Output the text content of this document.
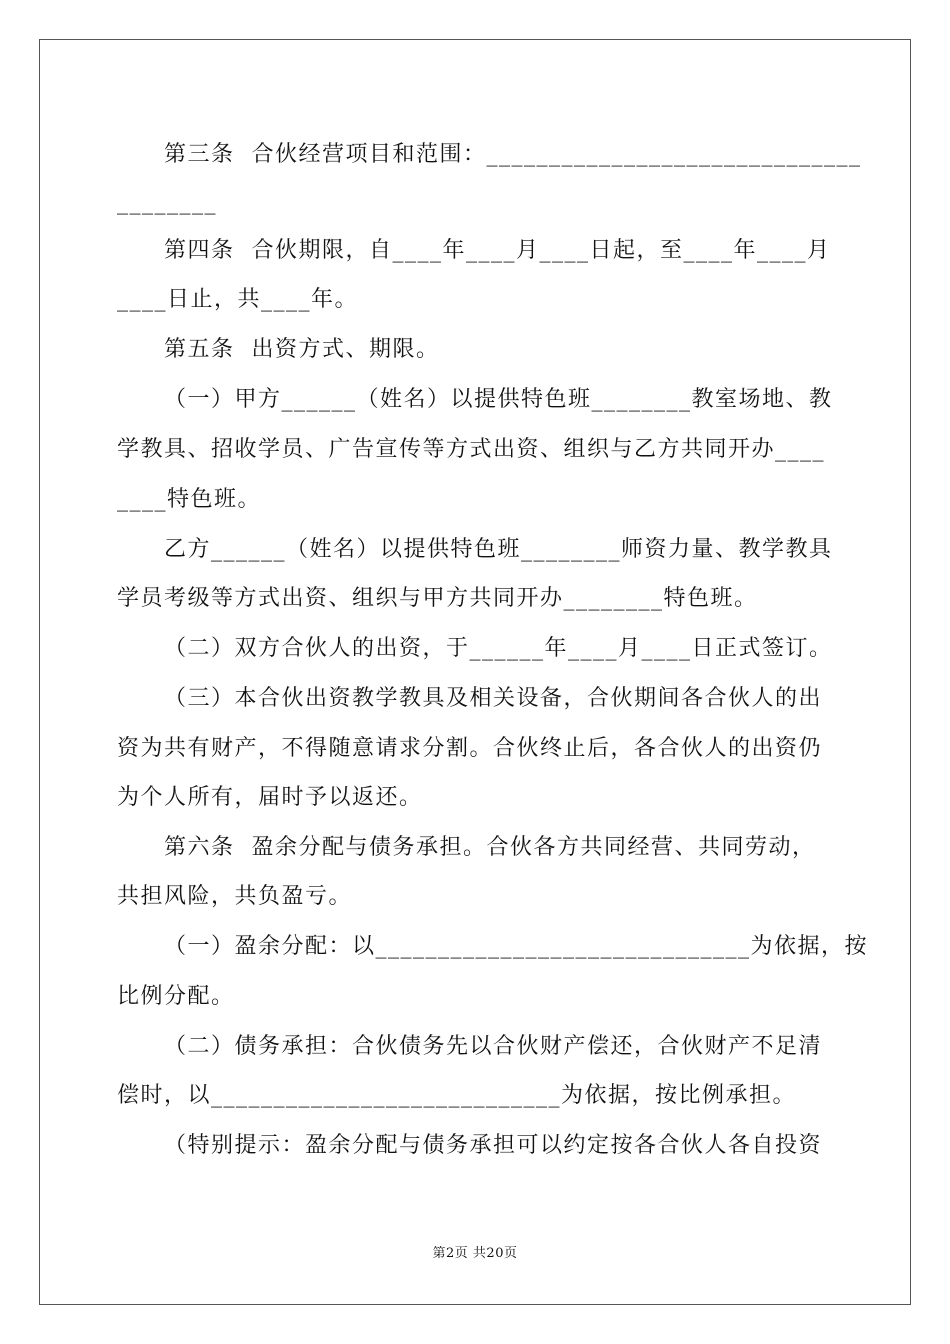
第三条  合伙经营项目和范围：______________________________
________
第四条  合伙期限，自____年____月____日起，至____年____月
____日止，共____年。
第五条  出资方式、期限。
（一）甲方______（姓名）以提供特色班________教室场地、教
学教具、招收学员、广告宣传等方式出资、组织与乙方共同开办____
____特色班。
乙方______（姓名）以提供特色班________师资力量、教学教具
学员考级等方式出资、组织与甲方共同开办________特色班。
（二）双方合伙人的出资，于______年____月____日正式签订。
（三）本合伙出资教学教具及相关设备，合伙期间各合伙人的出
资为共有财产，不得随意请求分割。合伙终止后，各合伙人的出资仍
为个人所有，届时予以返还。
第六条  盈余分配与债务承担。合伙各方共同经营、共同劳动，
共担风险，共负盈亏。
（一）盈余分配：以______________________________为依据，按
比例分配。
（二）债务承担：合伙债务先以合伙财产偿还，合伙财产不足清
偿时，以____________________________为依据，按比例承担。
（特别提示：盈余分配与债务承担可以约定按各合伙人各自投资
第2页 共20页
